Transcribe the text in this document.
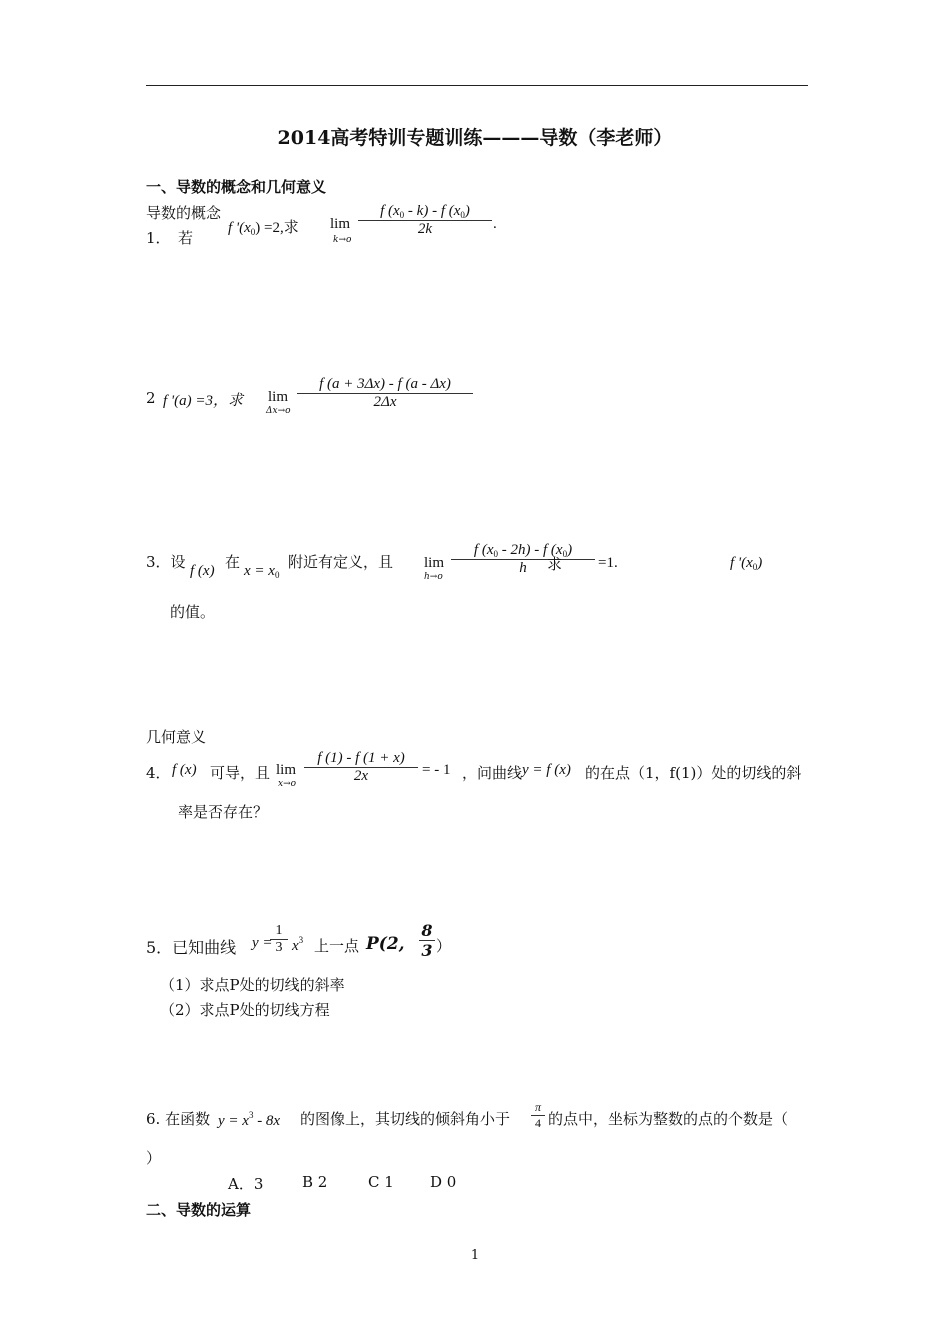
2014高考特训专题训练———导数（李老师）
一、导数的概念和几何意义
导数的概念
1． 若
f '$(x_0) =2$,求 lim
k→o
f $(x_0 - k)$ - f $(x_0)$
2k	.
2 f '(a) =3，求 lim
Δx→o
f (a + 3Δx) - f (a - Δx)
2Δx
3．设 f (x) 在 $x = x_0$
附近有定义，且 lim
h→o
f $(x_0 - 2h)$ - f $(x_0)$
h	求 =1.	f '$(x_0)$
的值。
几何意义
4． f (x) 可导，且 lim
x→o
f (1) - f (1 + x)
2x	= - 1 ，问曲线 y = f (x) 的在点（1，f(1)）处的切线的斜
率是否存在？
5．已知曲线 y =
1
3 $x^3$ 上一点 P(2,
8
3 ）
（1）求点P处的切线的斜率
（2）求点P处的切线方程
6. 在函数 $y = x^3 - 8x$ 的图像上，其切线的倾斜角小于
π
4 的点中，坐标为整数的点的个数是（
）
A．3	B 2	C 1 D 0
二、导数的运算
1
